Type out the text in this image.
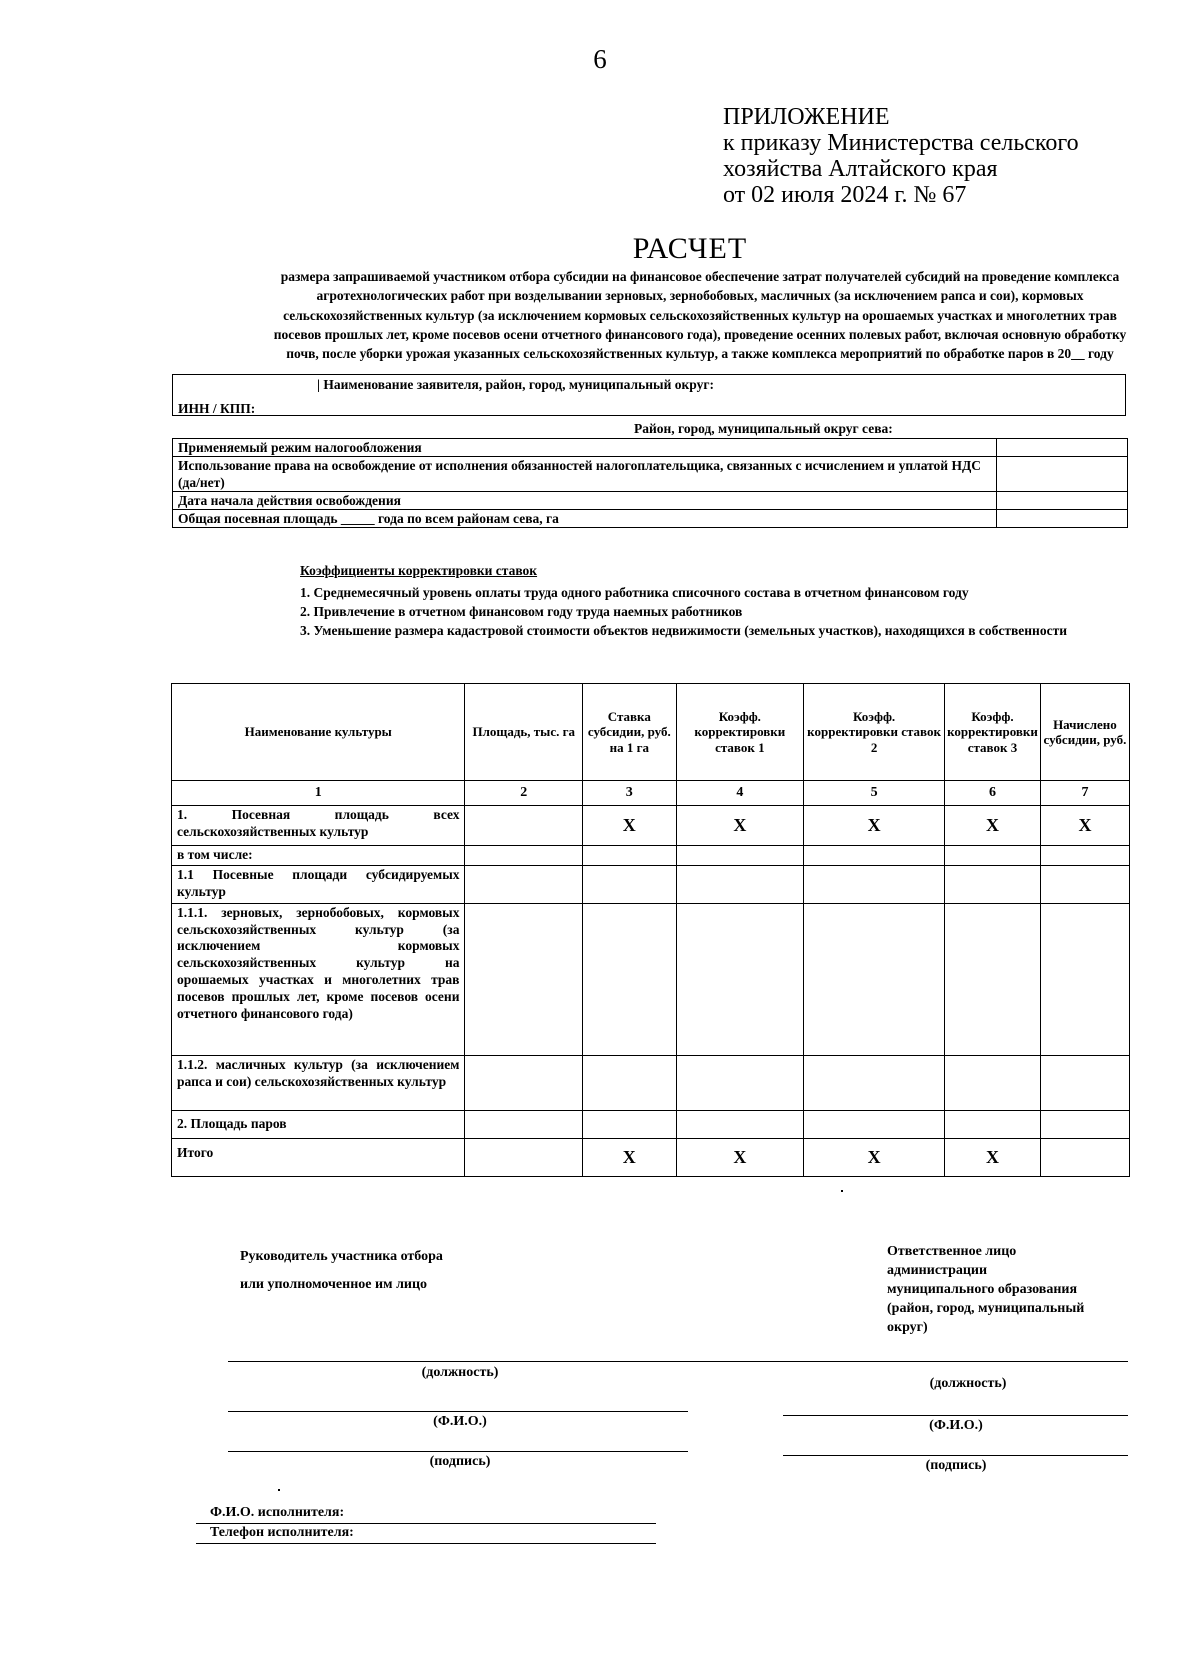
6
ПРИЛОЖЕНИЕ
к приказу Министерства сельского
хозяйства Алтайского края
от 02 июля 2024 г. № 67
РАСЧЕТ
размера запрашиваемой участником отбора субсидии на финансовое обеспечение затрат получателей субсидий на проведение комплекса агротехнологических работ при возделывании зерновых, зернобобовых, масличных (за исключением рапса и сои), кормовых сельскохозяйственных культур (за исключением кормовых сельскохозяйственных культур на орошаемых участках и многолетних трав посевов прошлых лет, кроме посевов осени отчетного финансового года), проведение осенних полевых работ, включая основную обработку почв, после уборки урожая указанных сельскохозяйственных культур, а также комплекса мероприятий по обработке паров в 20__ году
| Наименование заявителя, район, город, муниципальный округ:
ИНН / КПП:
Район, город, муниципальный округ сева:
Применяемый режим налогообложения	
Использование права на освобождение от исполнения обязанностей налогоплательщика, связанных с исчислением и уплатой НДС (да/нет)	
Дата начала действия освобождения	
Общая посевная площадь _____ года по всем районам сева, га	
Коэффициенты корректировки ставок
1. Среднемесячный уровень оплаты труда одного работника списочного состава в отчетном финансовом году
2. Привлечение в отчетном финансовом году труда наемных работников
3. Уменьшение размера кадастровой стоимости объектов недвижимости (земельных участков), находящихся в собственности
Наименование культуры	Площадь, тыс. га	Ставка субсидии, руб. на 1 га	Коэфф. корректировки ставок 1	Коэфф. корректировки ставок 2	Коэфф. корректировки ставок 3	Начислено субсидии, руб.
1	2	3	4	5	6	7
1. Посевная площадь всех сельскохозяйственных культур		Х	Х	Х	Х	Х
в том числе:						
1.1 Посевные площади субсидируемых культур						
1.1.1. зерновых, зернобобовых, кормовых сельскохозяйственных культур (за исключением кормовых сельскохозяйственных культур на орошаемых участках и многолетних трав посевов прошлых лет, кроме посевов осени отчетного финансового года)						
1.1.2. масличных культур (за исключением рапса и сои) сельскохозяйственных культур						
2. Площадь паров						
Итого		Х	Х	Х	Х	
Руководитель участника отбора
или уполномоченное им лицо
Ответственное лицо
администрации
муниципального образования
(район, город, муниципальный
округ)
(должность)
(должность)
(Ф.И.О.)	(Ф.И.О.)
(подпись)	(подпись)
Ф.И.О. исполнителя:
Телефон исполнителя:
